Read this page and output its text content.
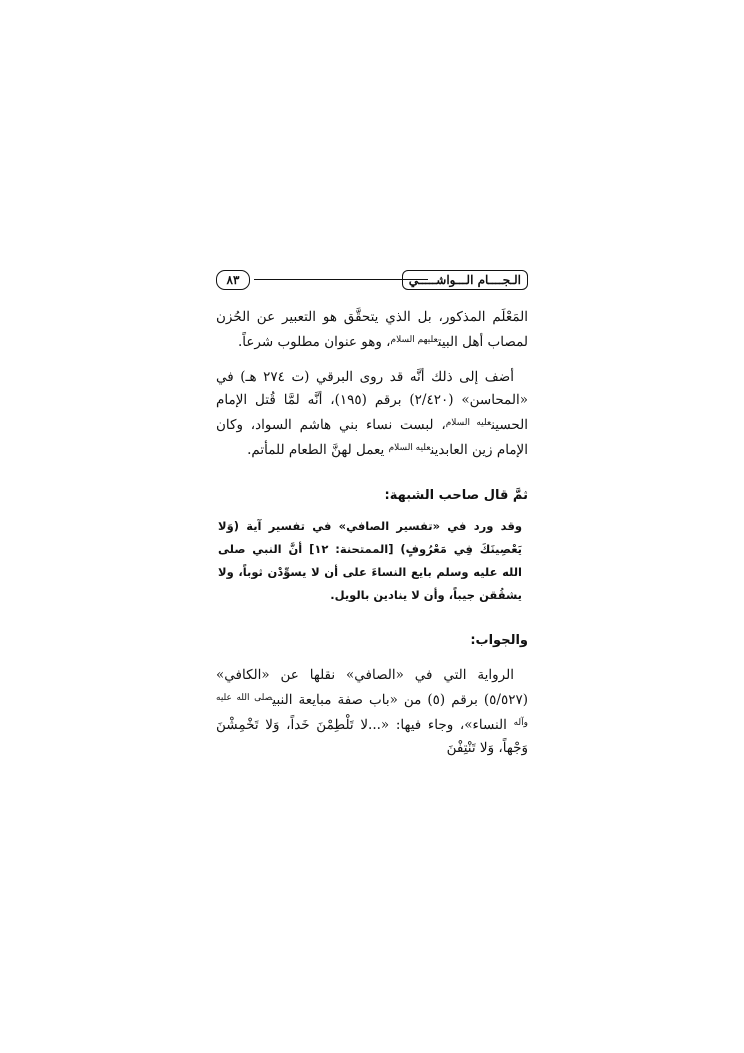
الـجــــام الـــواشـــــي
٨٣

المَعْلَم المذكور، بل الذي يتحقَّق هو التعبير عن الحُزن لمصاب أهل البيت$^{عليهم السلام}$، وهو عنوان مطلوب شرعاً.

أضف إلى ذلك أنَّه قد روى البرقي (ت ٢٧٤ هـ) في «المحاسن» (٢/٤٢٠) برقم (١٩٥)، أنَّه لمَّا قُتل الإمام الحسين$^{عليه السلام}$، لبست نساء بني هاشم السواد، وكان الإمام زين العابدين$^{عليه السلام}$ يعمل لهنَّ الطعام للمأتم.

ثمَّ قال صاحب الشبهة:

وقد ورد في «تفسير الصافي» في تفسير آية (وَلا يَعْصِينَكَ فِي مَعْرُوفٍ) [الممتحنة: ١٢] أنَّ النبي صلى الله عليه وسلم بايع النساءَ على أن لا يسوِّدْن ثوباً، ولا يشقُقن جيباً، وأن لا ينادين بالويل.

والجواب:

الرواية التي في «الصافي» نقلها عن «الكافي» (٥/٥٢٧) برقم (٥) من «باب صفة مبايعة النبي$^{صلى الله عليه وآله}$ النساء»، وجاء فيها: «...لا تَلْطِمْنَ خَداً، وَلا تَخْمِشْنَ وَجْهاً، وَلا تَنْتِفْنَ
